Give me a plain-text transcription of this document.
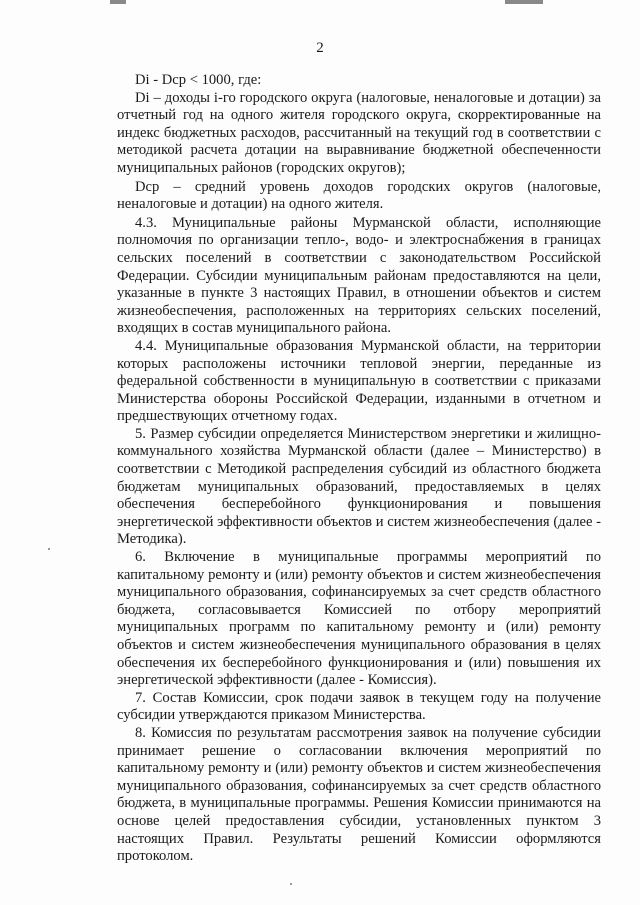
2

Di - Dcp < 1000, где:

Di – доходы i-го городского округа (налоговые, неналоговые и дотации) за отчетный год на одного жителя городского округа, скорректированные на индекс бюджетных расходов, рассчитанный на текущий год в соответствии с методикой расчета дотации на выравнивание бюджетной обеспеченности муниципальных районов (городских округов);

Dcp – средний уровень доходов городских округов (налоговые, неналоговые и дотации) на одного жителя.

4.3. Муниципальные районы Мурманской области, исполняющие полномочия по организации тепло-, водо- и электроснабжения в границах сельских поселений в соответствии с законодательством Российской Федерации. Субсидии муниципальным районам предоставляются на цели, указанные в пункте 3 настоящих Правил, в отношении объектов и систем жизнеобеспечения, расположенных на территориях сельских поселений, входящих в состав муниципального района.

4.4. Муниципальные образования Мурманской области, на территории которых расположены источники тепловой энергии, переданные из федеральной собственности в муниципальную в соответствии с приказами Министерства обороны Российской Федерации, изданными в отчетном и предшествующих отчетному годах.

5. Размер субсидии определяется Министерством энергетики и жилищно-коммунального хозяйства Мурманской области (далее – Министерство) в соответствии с Методикой распределения субсидий из областного бюджета бюджетам муниципальных образований, предоставляемых в целях обеспечения бесперебойного функционирования и повышения энергетической эффективности объектов и систем жизнеобеспечения (далее - Методика).

6. Включение в муниципальные программы мероприятий по капитальному ремонту и (или) ремонту объектов и систем жизнеобеспечения муниципального образования, софинансируемых за счет средств областного бюджета, согласовывается Комиссией по отбору мероприятий муниципальных программ по капитальному ремонту и (или) ремонту объектов и систем жизнеобеспечения муниципального образования в целях обеспечения их бесперебойного функционирования и (или) повышения их энергетической эффективности (далее - Комиссия).

7. Состав Комиссии, срок подачи заявок в текущем году на получение субсидии утверждаются приказом Министерства.

8. Комиссия по результатам рассмотрения заявок на получение субсидии принимает решение о согласовании включения мероприятий по капитальному ремонту и (или) ремонту объектов и систем жизнеобеспечения муниципального образования, софинансируемых за счет средств областного бюджета, в муниципальные программы. Решения Комиссии принимаются на основе целей предоставления субсидии, установленных пунктом 3 настоящих Правил. Результаты решений Комиссии оформляются протоколом.
